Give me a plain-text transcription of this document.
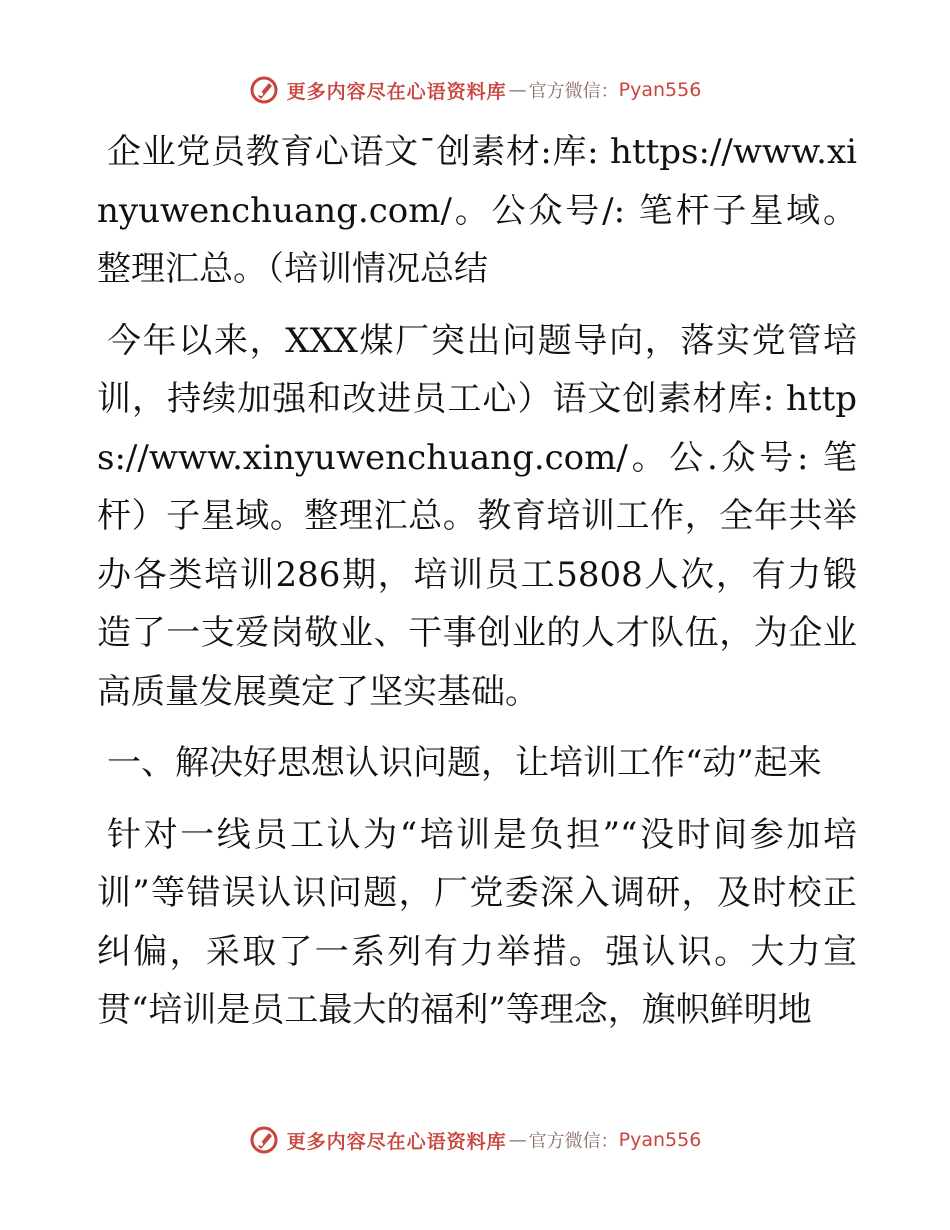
更多内容尽在心语资料库 — 官方微信： Pyan556

企业党员教育心语文¯创素材:库: https://www.xinyuwenchuang.com/。公众号/: 笔杆子星域。整理汇总。（培训情况总结

今年以来，XXX煤厂突出问题导向，落实党管培训，持续加强和改进员工心）语文创素材库: https://www.xinyuwenchuang.com/。公.众号: 笔杆）子星域。整理汇总。教育培训工作，全年共举办各类培训286期，培训员工5808人次，有力锻造了一支爱岗敬业、干事创业的人才队伍，为企业高质量发展奠定了坚实基础。

一、解决好思想认识问题，让培训工作“动”起来

针对一线员工认为“培训是负担”“没时间参加培训”等错误认识问题，厂党委深入调研，及时校正纠偏，采取了一系列有力举措。强认识。大力宣贯“培训是员工最大的福利”等理念，旗帜鲜明地

更多内容尽在心语资料库 — 官方微信： Pyan556
